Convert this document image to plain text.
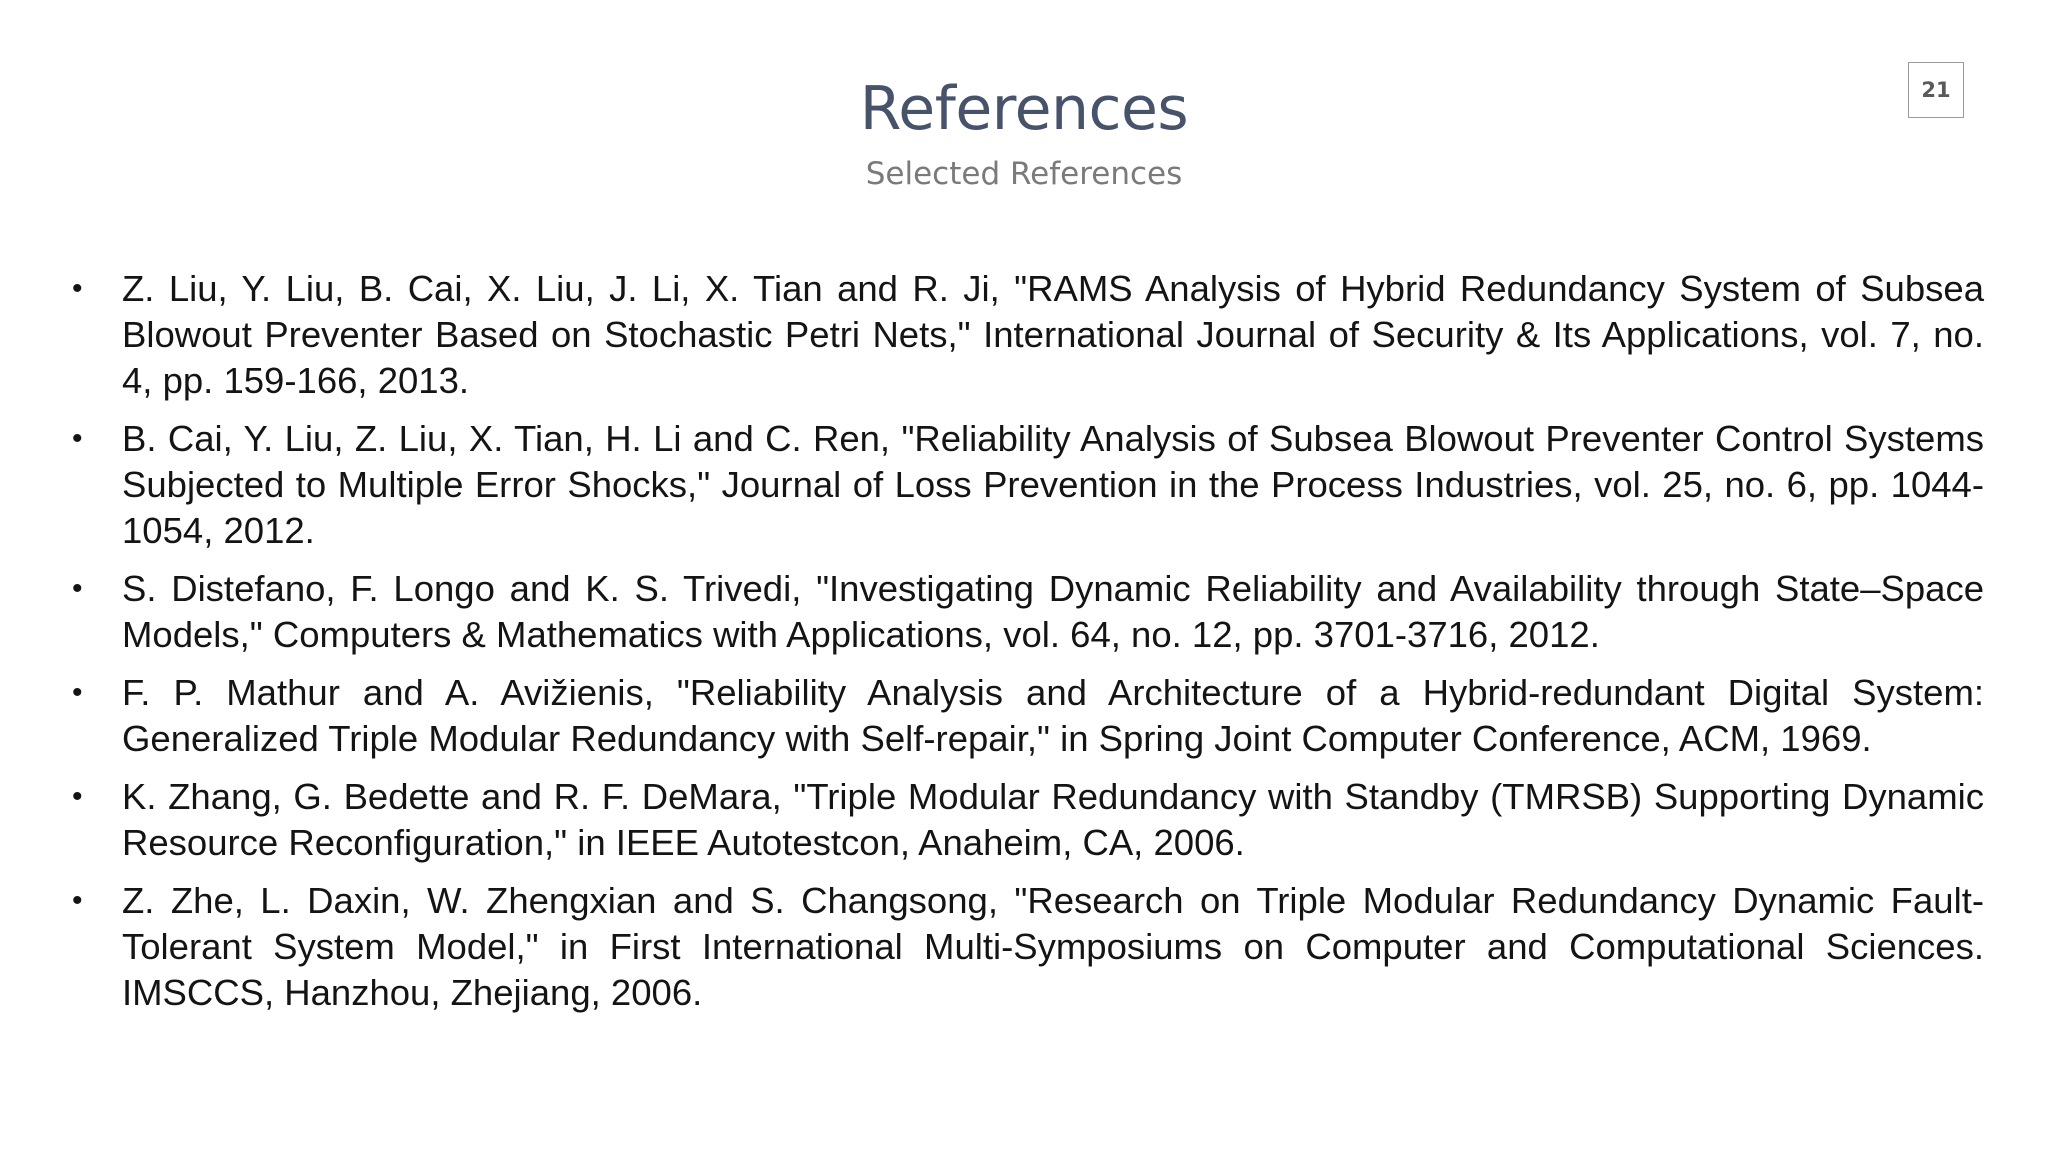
References
Selected References
21
• Z. Liu, Y. Liu, B. Cai, X. Liu, J. Li, X. Tian and R. Ji, "RAMS Analysis of Hybrid Redundancy System of Subsea Blowout Preventer Based on Stochastic Petri Nets," International Journal of Security & Its Applications, vol. 7, no. 4, pp. 159-166, 2013.
• B. Cai, Y. Liu, Z. Liu, X. Tian, H. Li and C. Ren, "Reliability Analysis of Subsea Blowout Preventer Control Systems Subjected to Multiple Error Shocks," Journal of Loss Prevention in the Process Industries, vol. 25, no. 6, pp. 1044-1054, 2012.
• S. Distefano, F. Longo and K. S. Trivedi, "Investigating Dynamic Reliability and Availability through State–Space Models," Computers & Mathematics with Applications, vol. 64, no. 12, pp. 3701-3716, 2012.
• F. P. Mathur and A. Avižienis, "Reliability Analysis and Architecture of a Hybrid-redundant Digital System: Generalized Triple Modular Redundancy with Self-repair," in Spring Joint Computer Conference, ACM, 1969.
• K. Zhang, G. Bedette and R. F. DeMara, "Triple Modular Redundancy with Standby (TMRSB) Supporting Dynamic Resource Reconfiguration," in IEEE Autotestcon, Anaheim, CA, 2006.
• Z. Zhe, L. Daxin, W. Zhengxian and S. Changsong, "Research on Triple Modular Redundancy Dynamic Fault-Tolerant System Model," in First International Multi-Symposiums on Computer and Computational Sciences. IMSCCS, Hanzhou, Zhejiang, 2006.
